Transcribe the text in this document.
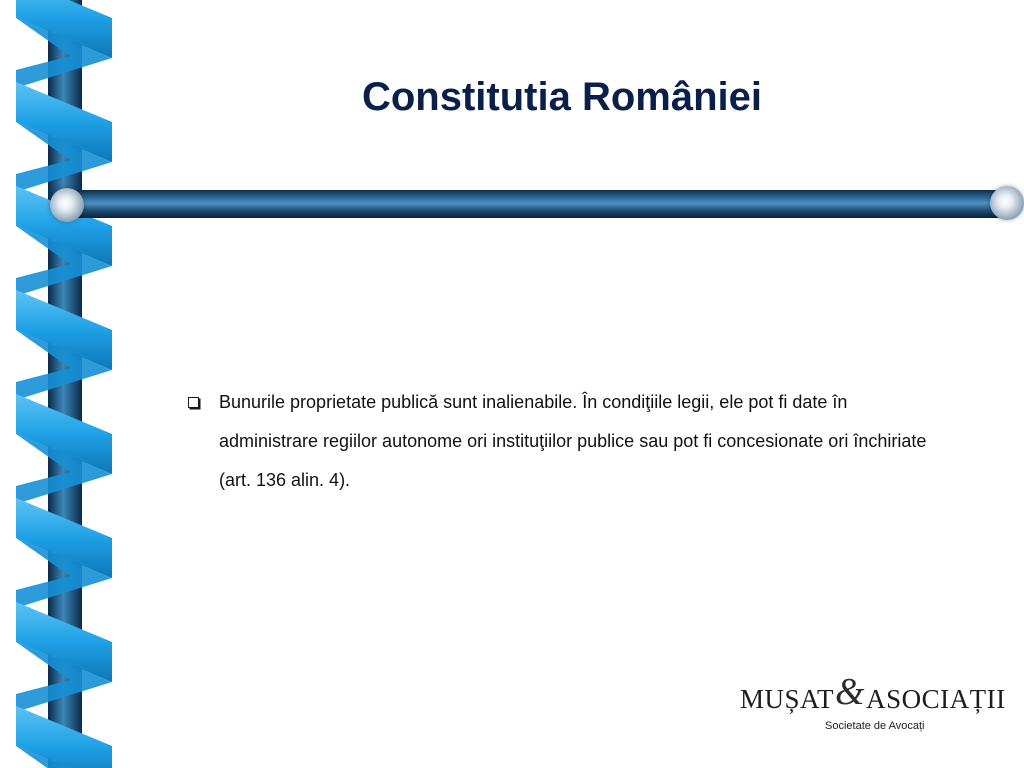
Constitutia României

Bunurile proprietate publică sunt inalienabile. În condiţiile legii, ele pot fi date în administrare regiilor autonome ori instituţiilor publice sau pot fi concesionate ori închiriate (art. 136 alin. 4).

MUȘAT&ASOCIAȚII
Societate de Avocați
